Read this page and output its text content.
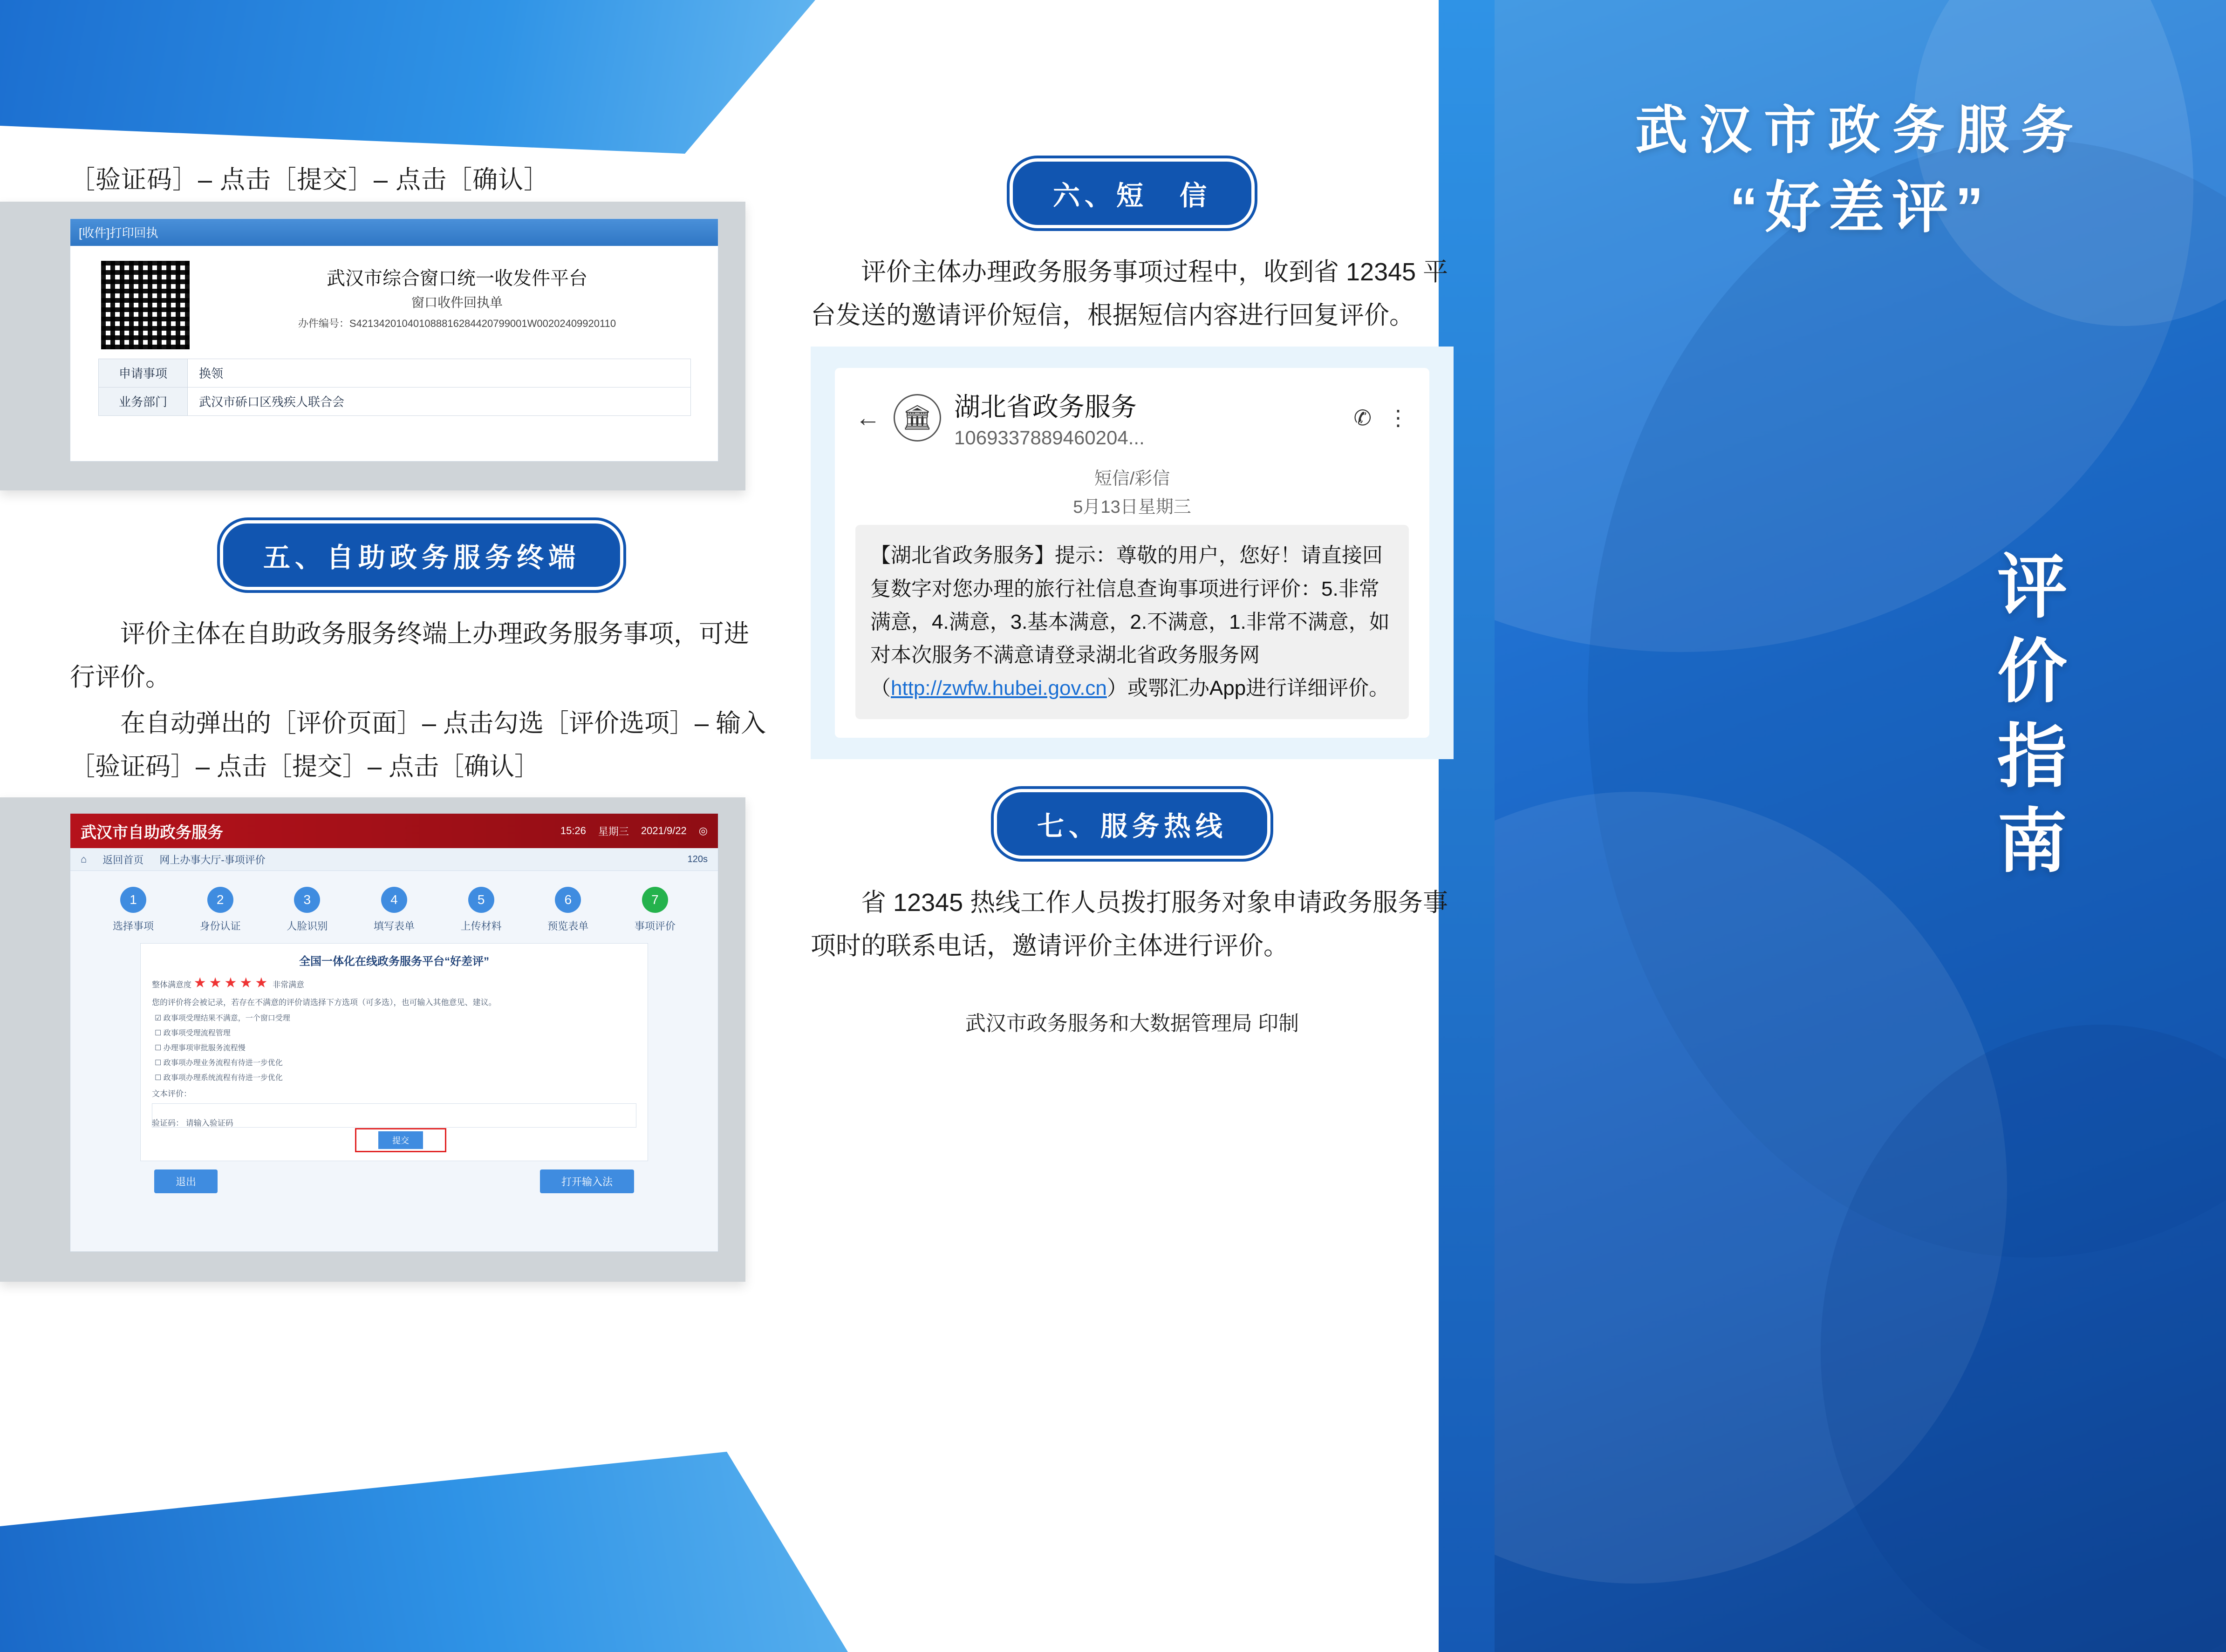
武汉市政务服务
“好差评”
评价指南
［验证码］– 点击［提交］– 点击［确认］
[收件]打印回执
武汉市综合窗口统一收发件平台
窗口收件回执单
办件编号：S421342010401088816284420799001W00202409920110
申请事项	换领
业务部门	武汉市硚口区残疾人联合会
五、自助政务服务终端

评价主体在自助政务服务终端上办理政务服务事项，可进行评价。

在自动弹出的［评价页面］– 点击勾选［评价选项］– 输入［验证码］– 点击［提交］– 点击［确认］

武汉市自助政务服务	15:26 星期三 2021/9/22 ◎
⌂ 返回首页 网上办事大厅-事项评价	120s
1
选择事项
2
身份认证
3
人脸识别
4
填写表单
5
上传材料
6
预览表单
7
事项评价
全国一体化在线政务服务平台“好差评”
整体满意度 ★★★★★ 非常满意
您的评价将会被记录，若存在不满意的评价请选择下方选项（可多选），也可输入其他意见、建议。
☑ 政事项受理结果不满意，一个窗口受理
☐ 政事项受理流程管理
☐ 办理事项审批服务流程慢
☐ 政事项办理业务流程有待进一步优化
☐ 政事项办理系统流程有待进一步优化
文本评价：
验证码： 请输入验证码
提交
退出	打开输入法
六、短　信

评价主体办理政务服务事项过程中，收到省 12345 平台发送的邀请评价短信，根据短信内容进行回复评价。

← 🏛 湖北省政务服务
1069337889460204...
✆ ⋮
短信/彩信
5月13日星期三
【湖北省政务服务】提示：尊敬的用户，您好！请直接回复数字对您办理的旅行社信息查询事项进行评价：5.非常满意，4.满意，3.基本满意，2.不满意，1.非常不满意，如对本次服务不满意请登录湖北省政务服务网（http://zwfw.hubei.gov.cn）或鄂汇办App进行详细评价。
七、服务热线

省 12345 热线工作人员拨打服务对象申请政务服务事项时的联系电话，邀请评价主体进行评价。

武汉市政务服务和大数据管理局 印制
